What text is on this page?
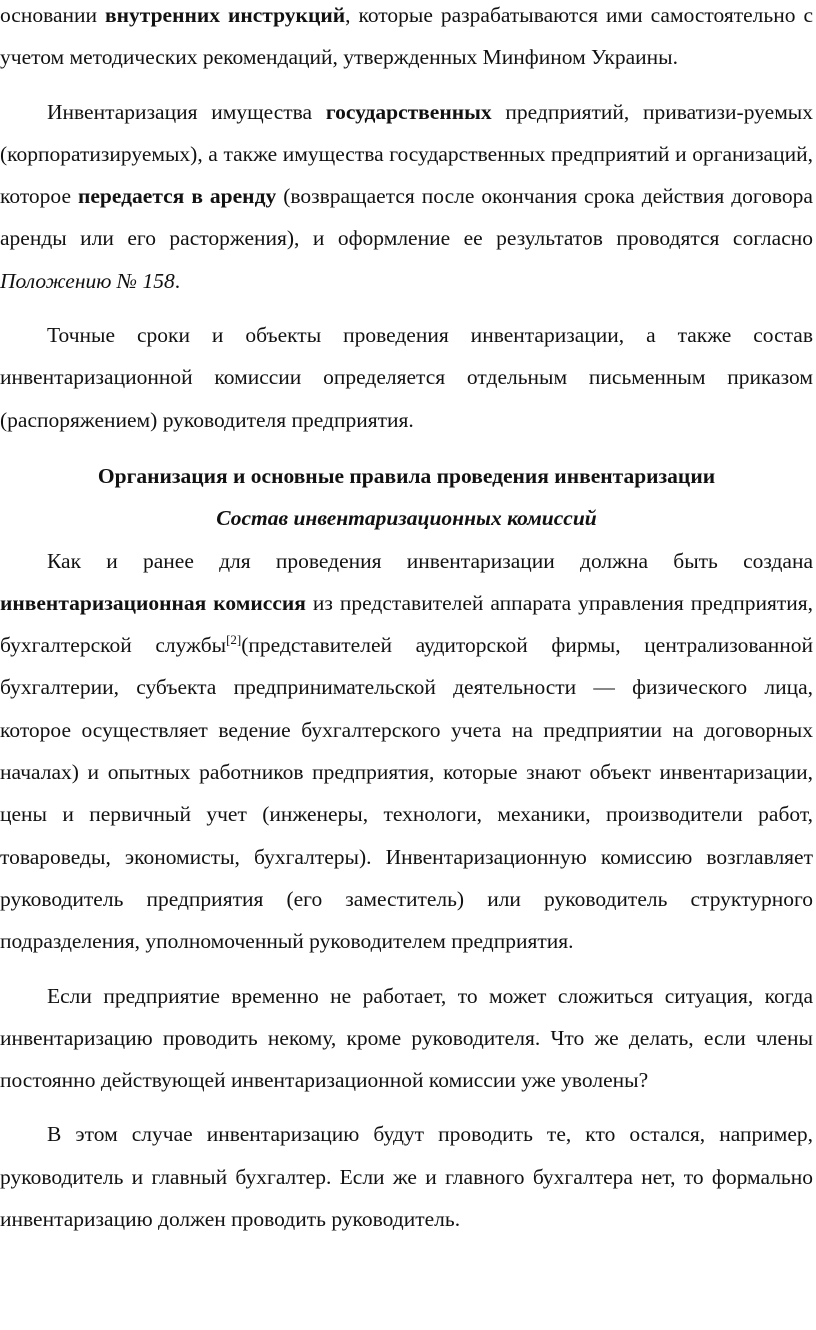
основании внутренних инструкций, которые разрабатываются ими самостоятельно с учетом методических рекомендаций, утвержденных Минфином Украины.

Инвентаризация имущества государственных предприятий, приватизи-руемых (корпоратизируемых), а также имущества государственных предприятий и организаций, которое передается в аренду (возвращается после окончания срока действия договора аренды или его расторжения), и оформление ее результатов проводятся согласно Положению № 158.

Точные сроки и объекты проведения инвентаризации, а также состав инвентаризационной комиссии определяется отдельным письменным приказом (распоряжением) руководителя предприятия.

Организация и основные правила проведения инвентаризации

Состав инвентаризационных комиссий

Как и ранее для проведения инвентаризации должна быть создана инвентаризационная комиссия из представителей аппарата управления предприятия, бухгалтерской службы[2](представителей аудиторской фирмы, централизованной бухгалтерии, субъекта предпринимательской деятельности — физического лица, которое осуществляет ведение бухгалтерского учета на предприятии на договорных началах) и опытных работников предприятия, которые знают объект инвентаризации, цены и первичный учет (инженеры, технологи, механики, производители работ, товароведы, экономисты, бухгалтеры). Инвентаризационную комиссию возглавляет руководитель предприятия (его заместитель) или руководитель структурного подразделения, уполномоченный руководителем предприятия.

Если предприятие временно не работает, то может сложиться ситуация, когда инвентаризацию проводить некому, кроме руководителя. Что же делать, если члены постоянно действующей инвентаризационной комиссии уже уволены?

В этом случае инвентаризацию будут проводить те, кто остался, например, руководитель и главный бухгалтер. Если же и главного бухгалтера нет, то формально инвентаризацию должен проводить руководитель.
